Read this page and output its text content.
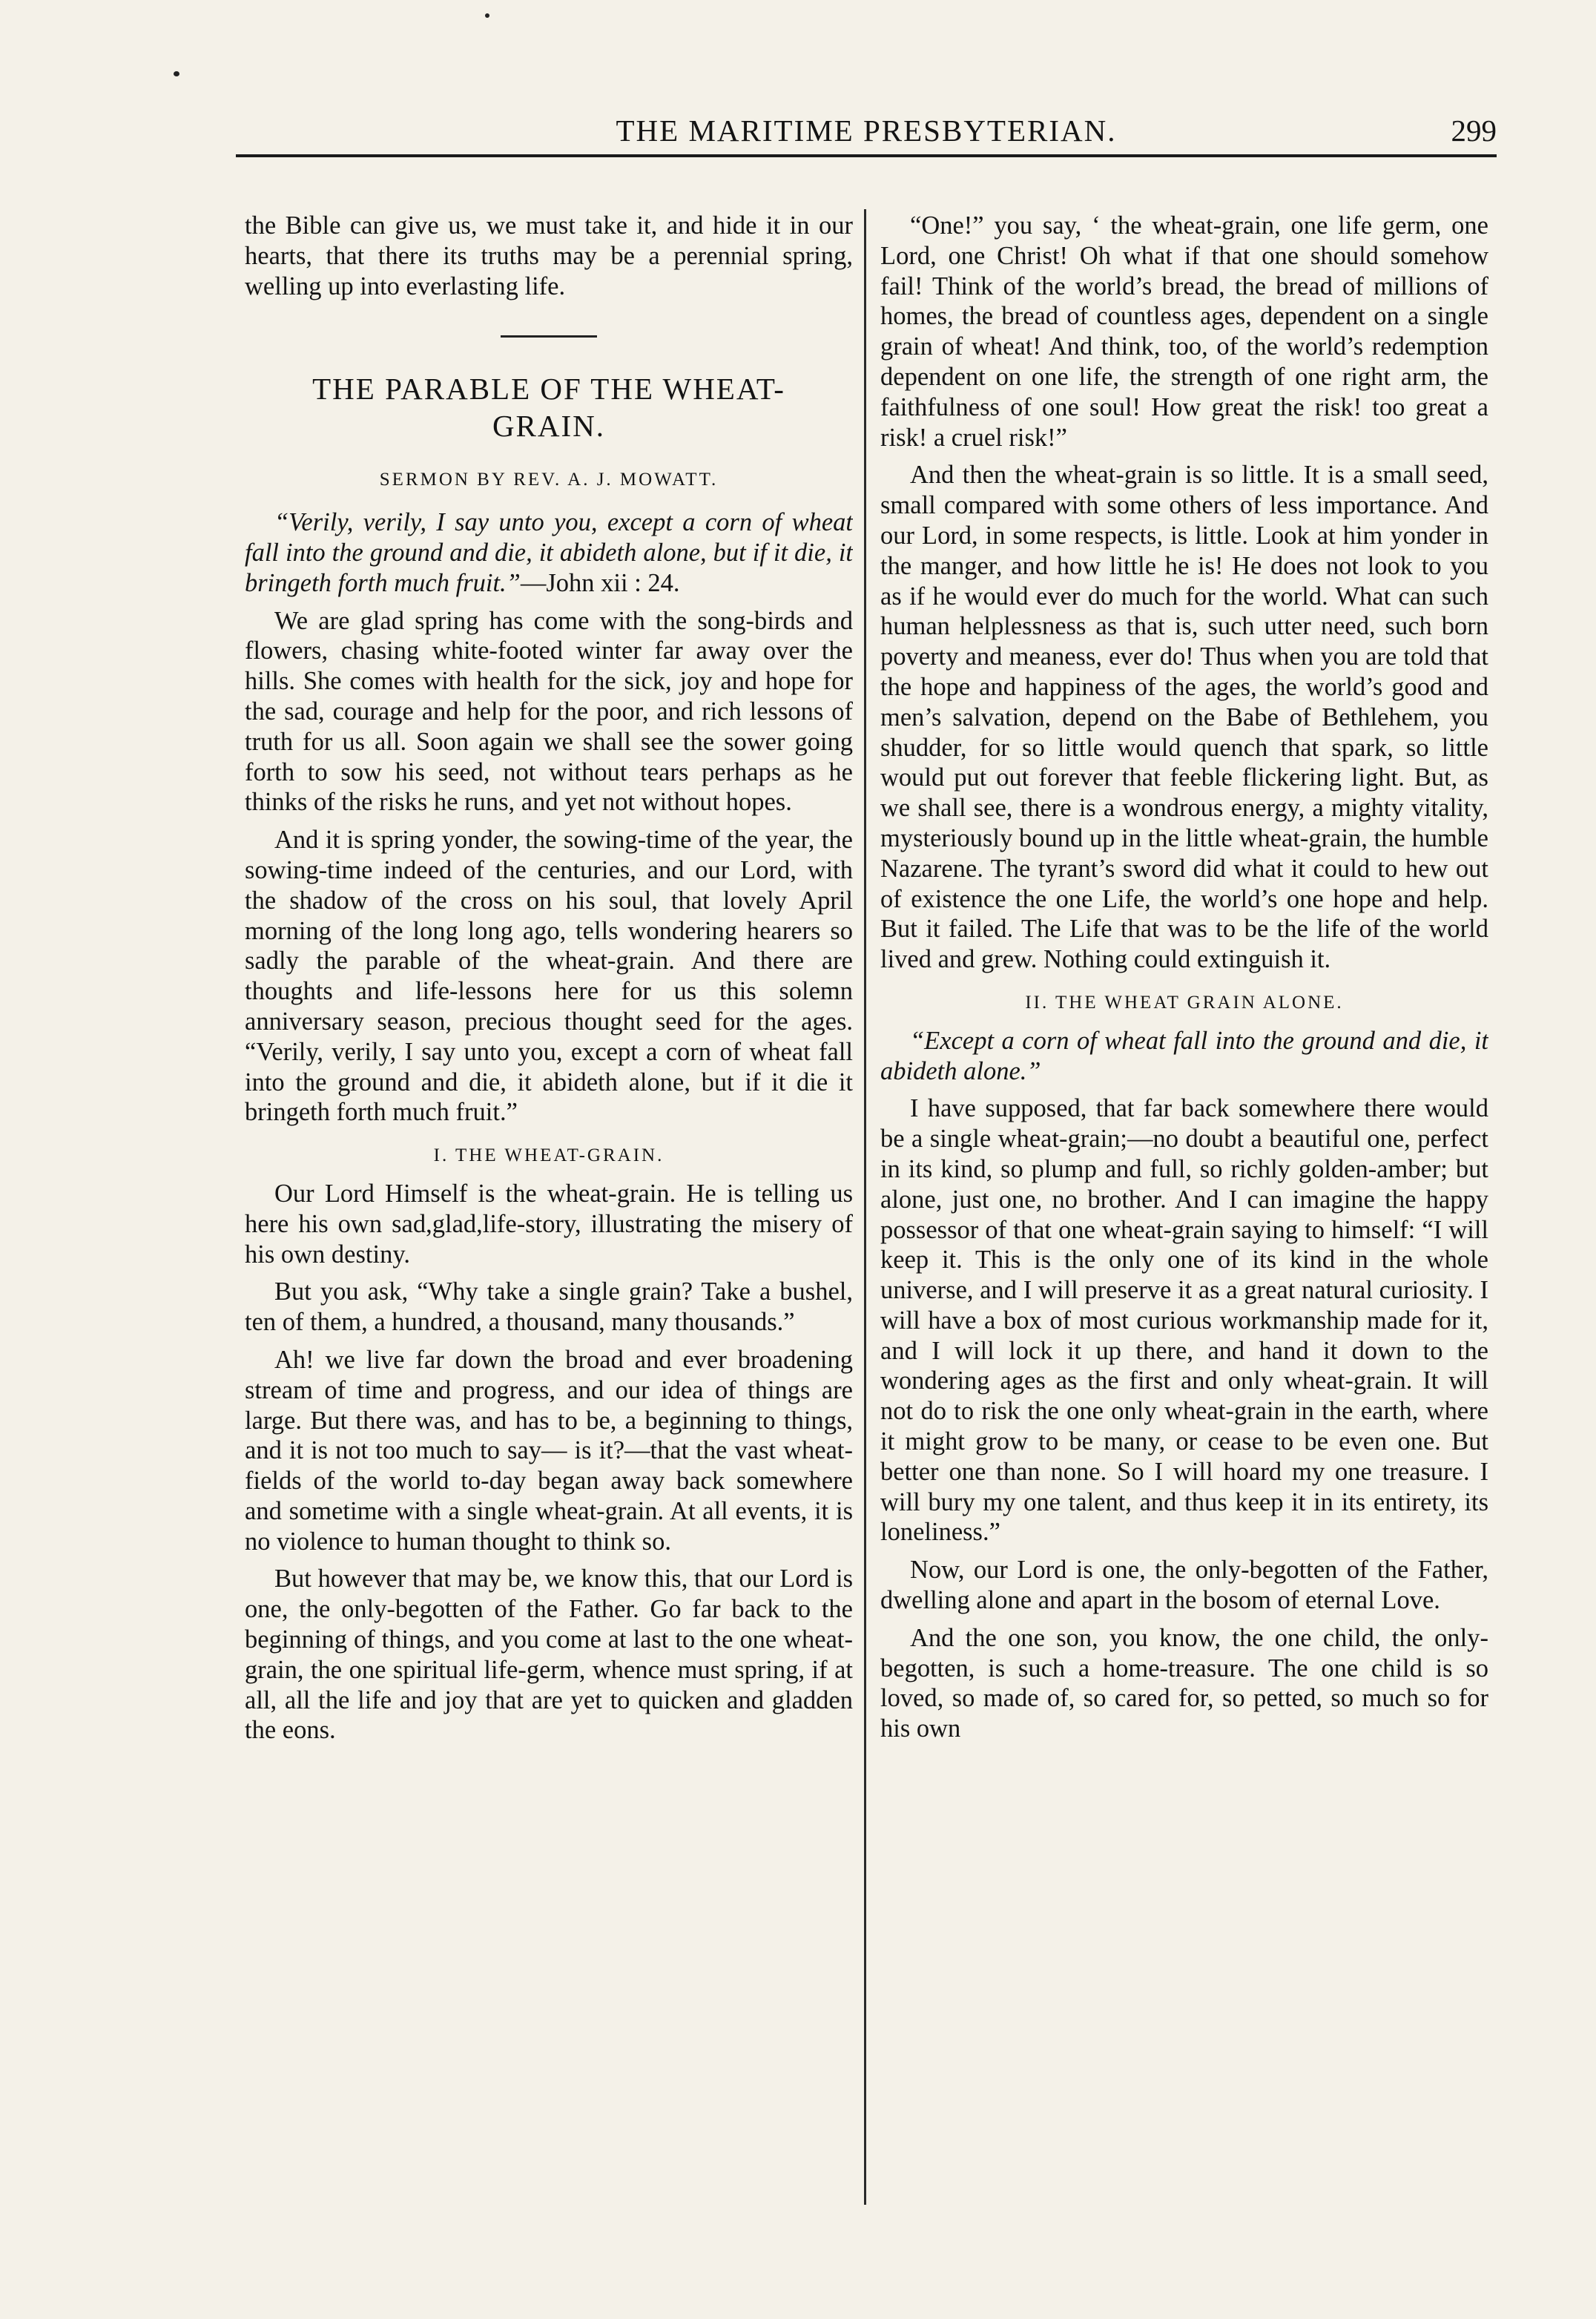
THE MARITIME PRESBYTERIAN.	299

the Bible can give us, we must take it, and hide it in our hearts, that there its truths may be a perennial spring, welling up into everlasting life.

THE PARABLE OF THE WHEAT-GRAIN.
SERMON BY REV. A. J. MOWATT.

“Verily, verily, I say unto you, except a corn of wheat fall into the ground and die, it abideth alone, but if it die, it bringeth forth much fruit.”—John xii : 24.

We are glad spring has come with the song-birds and flowers, chasing white-footed winter far away over the hills. She comes with health for the sick, joy and hope for the sad, courage and help for the poor, and rich lessons of truth for us all. Soon again we shall see the sower going forth to sow his seed, not without tears perhaps as he thinks of the risks he runs, and yet not without hopes.

And it is spring yonder, the sowing-time of the year, the sowing-time indeed of the centuries, and our Lord, with the shadow of the cross on his soul, that lovely April morning of the long long ago, tells wondering hearers so sadly the parable of the wheat-grain. And there are thoughts and life-lessons here for us this solemn anniversary season, precious thought seed for the ages. “Verily, verily, I say unto you, except a corn of wheat fall into the ground and die, it abideth alone, but if it die it bringeth forth much fruit.”

I. THE WHEAT-GRAIN.

Our Lord Himself is the wheat-grain. He is telling us here his own sad,glad,life-story, illustrating the misery of his own destiny.

But you ask, “Why take a single grain? Take a bushel, ten of them, a hundred, a thousand, many thousands.”

Ah! we live far down the broad and ever broadening stream of time and progress, and our idea of things are large. But there was, and has to be, a beginning to things, and it is not too much to say— is it?—that the vast wheat-fields of the world to-day began away back somewhere and sometime with a single wheat-grain. At all events, it is no violence to human thought to think so.

But however that may be, we know this, that our Lord is one, the only-begotten of the Father. Go far back to the beginning of things, and you come at last to the one wheat-grain, the one spiritual life-germ, whence must spring, if at all, all the life and joy that are yet to quicken and gladden the eons.

“One!” you say, ‘ the wheat-grain, one life germ, one Lord, one Christ! Oh what if that one should somehow fail! Think of the world’s bread, the bread of millions of homes, the bread of countless ages, dependent on a single grain of wheat! And think, too, of the world’s redemption dependent on one life, the strength of one right arm, the faithfulness of one soul! How great the risk! too great a risk! a cruel risk!”

And then the wheat-grain is so little. It is a small seed, small compared with some others of less importance. And our Lord, in some respects, is little. Look at him yonder in the manger, and how little he is! He does not look to you as if he would ever do much for the world. What can such human helplessness as that is, such utter need, such born poverty and meaness, ever do! Thus when you are told that the hope and happiness of the ages, the world’s good and men’s salvation, depend on the Babe of Bethlehem, you shudder, for so little would quench that spark, so little would put out forever that feeble flickering light. But, as we shall see, there is a wondrous energy, a mighty vitality, mysteriously bound up in the little wheat-grain, the humble Nazarene. The tyrant’s sword did what it could to hew out of existence the one Life, the world’s one hope and help. But it failed. The Life that was to be the life of the world lived and grew. Nothing could extinguish it.

II. THE WHEAT GRAIN ALONE.

“Except a corn of wheat fall into the ground and die, it abideth alone.”

I have supposed, that far back somewhere there would be a single wheat-grain;—no doubt a beautiful one, perfect in its kind, so plump and full, so richly golden-amber; but alone, just one, no brother. And I can imagine the happy possessor of that one wheat-grain saying to himself: “I will keep it. This is the only one of its kind in the whole universe, and I will preserve it as a great natural curiosity. I will have a box of most curious workmanship made for it, and I will lock it up there, and hand it down to the wondering ages as the first and only wheat-grain. It will not do to risk the one only wheat-grain in the earth, where it might grow to be many, or cease to be even one. But better one than none. So I will hoard my one treasure. I will bury my one talent, and thus keep it in its entirety, its loneliness.”

Now, our Lord is one, the only-begotten of the Father, dwelling alone and apart in the bosom of eternal Love.

And the one son, you know, the one child, the only-begotten, is such a home-treasure. The one child is so loved, so made of, so cared for, so petted, so much so for his own
